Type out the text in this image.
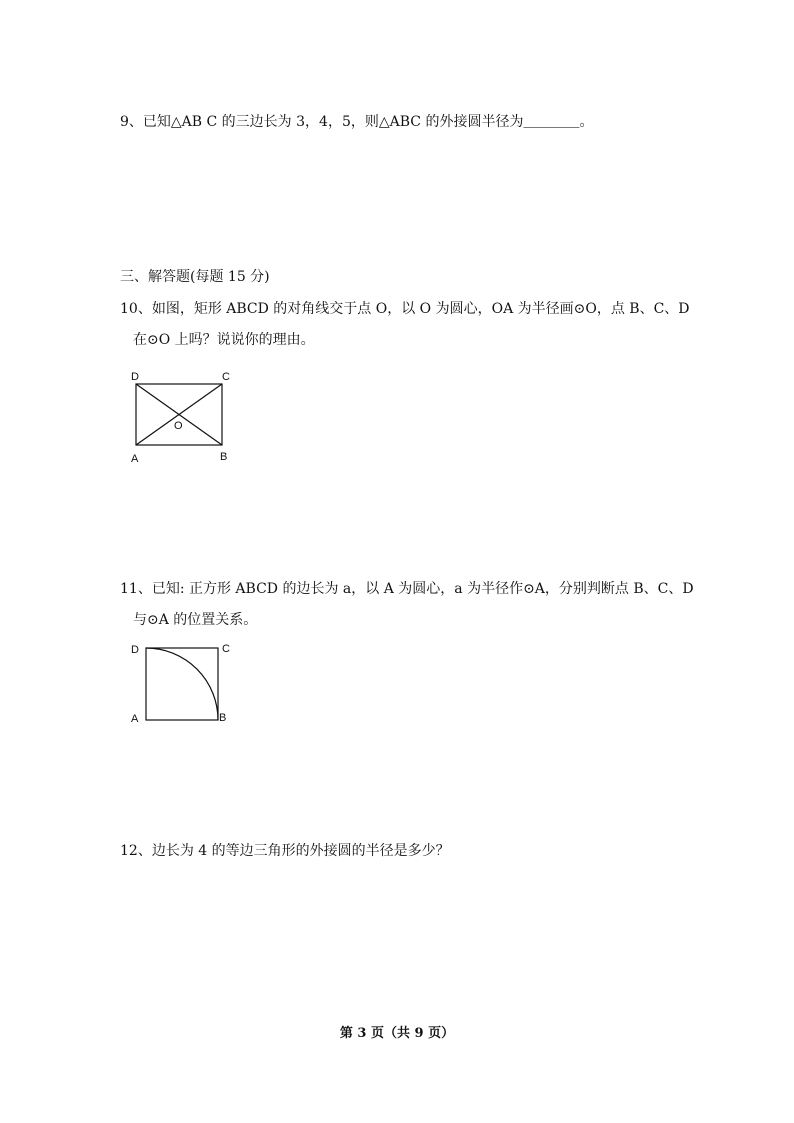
9、已知△AB C 的三边长为 3，4，5，则△ABC 的外接圆半径为＿＿＿＿。
三、解答题(每题 15 分)
10、如图，矩形 ABCD 的对角线交于点 O，以 O 为圆心，OA 为半径画⊙O，点 B、C、D
在⊙O 上吗？说说你的理由。
D	C
O
A	B
11、已知: 正方形 ABCD 的边长为 a，以 A 为圆心，a 为半径作⊙A，分别判断点 B、C、D
与⊙A 的位置关系。
D	C
A	B
12、边长为 4 的等边三角形的外接圆的半径是多少？
第 3 页（共 9 页）
